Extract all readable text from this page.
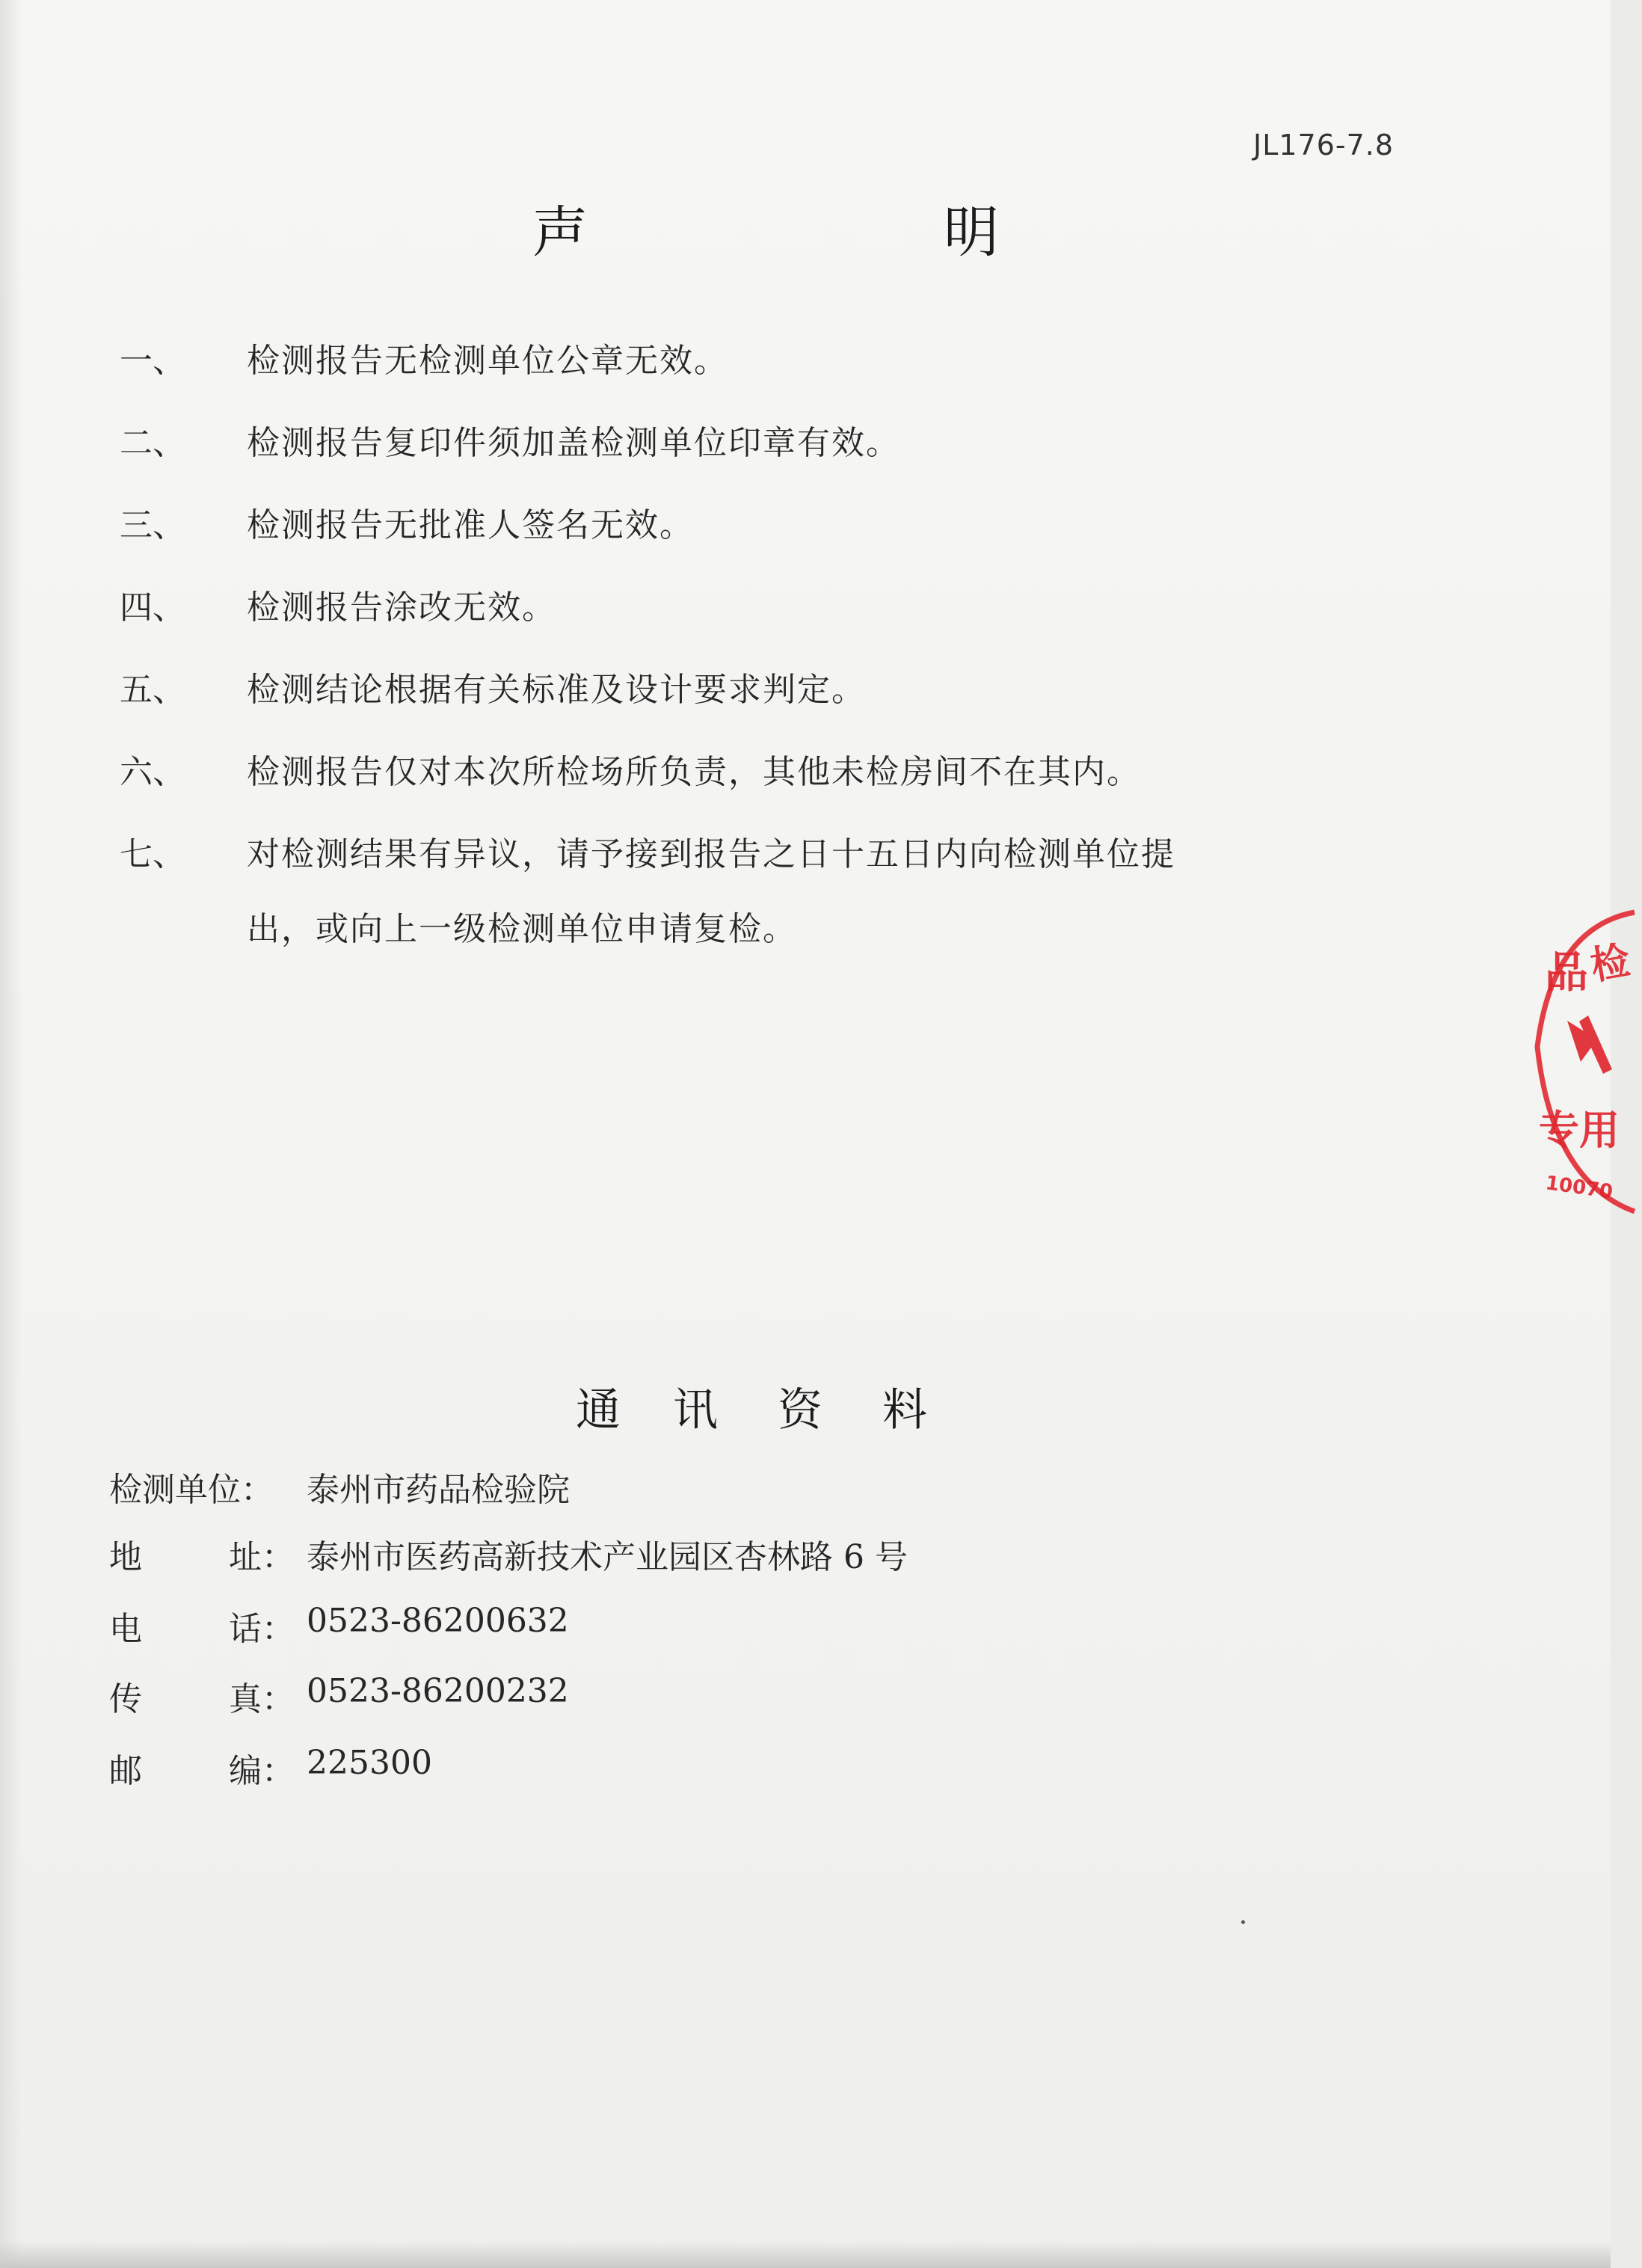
JL176-7.8
声	明
一、 检测报告无检测单位公章无效。
二、 检测报告复印件须加盖检测单位印章有效。
三、 检测报告无批准人签名无效。
四、 检测报告涂改无效。
五、 检测结论根据有关标准及设计要求判定。
六、 检测报告仅对本次所检场所负责，其他未检房间不在其内。
七、 对检测结果有异议，请予接到报告之日十五日内向检测单位提
出，或向上一级检测单位申请复检。
通 讯 资 料
检测单位： 泰州市药品检验院
地	址： 泰州市医药高新技术产业园区杏林路 6 号
电	话： 0523-86200632
传	真： 0523-86200232
邮	编： 225300
品
检
专用
10070
